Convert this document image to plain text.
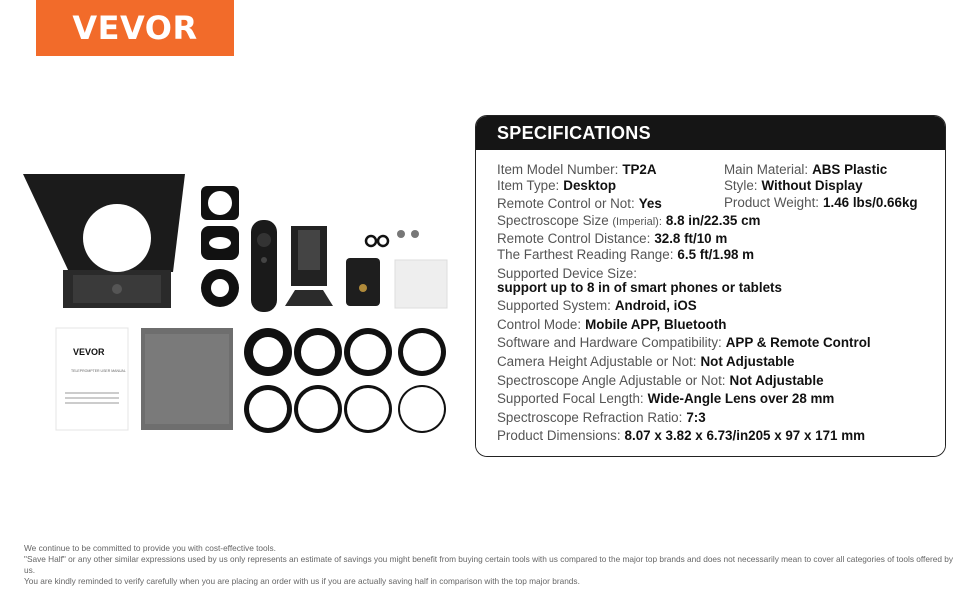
VEVOR
VEVOR
TELEPROMPTER USER MANUAL
SPECIFICATIONS
Item Model Number: TP2A
Item Type: Desktop
Remote Control or Not: Yes
Spectroscope Size (Imperial): 8.8 in/22.35 cm
Remote Control Distance: 32.8 ft/10 m
The Farthest Reading Range: 6.5 ft/1.98 m
Supported Device Size:
support up to 8 in of smart phones or tablets
Supported System: Android, iOS
Control Mode: Mobile APP, Bluetooth
Software and Hardware Compatibility: APP & Remote Control
Camera Height Adjustable or Not: Not Adjustable
Spectroscope Angle Adjustable or Not: Not Adjustable
Supported Focal Length: Wide-Angle Lens over 28 mm
Spectroscope Refraction Ratio: 7:3
Product Dimensions: 8.07 x 3.82 x 6.73/in205 x 97 x 171 mm
Main Material: ABS Plastic
Style: Without Display
Product Weight: 1.46 lbs/0.66kg
We continue to be committed to provide you with cost-effective tools.
"Save Half" or any other similar expressions used by us only represents an estimate of savings you might benefit from buying certain tools with us compared to the major top brands and does not necessarily mean to cover all categories of tools offered by us.
You are kindly reminded to verify carefully when you are placing an order with us if you are actually saving half in comparison with the top major brands.
